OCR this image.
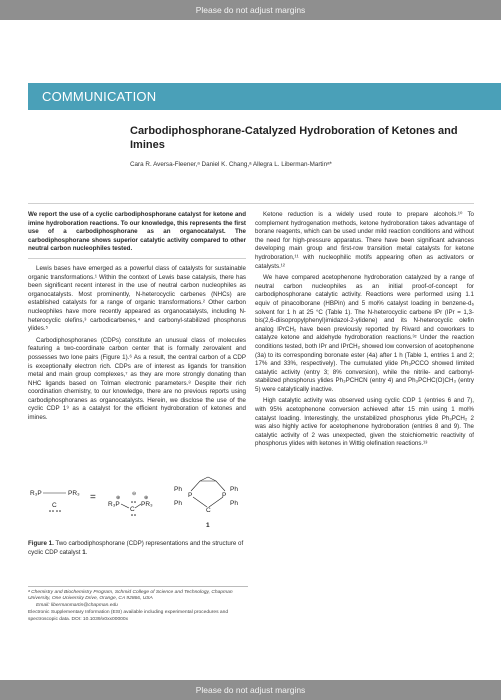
Please do not adjust margins
COMMUNICATION
Carbodiphosphorane-Catalyzed Hydroboration of Ketones and Imines
Cara R. Aversa-Fleener,ᵃ Daniel K. Chang,ᵃ Allegra L. Liberman-Martinᵃ*

We report the use of a cyclic carbodiphosphorane catalyst for ketone and imine hydroboration reactions. To our knowledge, this represents the first use of a carbodiphosphorane as an organocatalyst. The carbodiphosphorane shows superior catalytic activity compared to other neutral carbon nucleophiles tested.

Lewis bases have emerged as a powerful class of catalysts for sustainable organic transformations.¹ Within the context of Lewis base catalysis, there has been significant recent interest in the use of neutral carbon nucleophiles as organocatalysts. Most prominently, N-heterocyclic carbenes (NHCs) are established catalysts for a range of organic transformations.² Other carbon nucleophiles have more recently appeared as organocatalysts, including N-heterocyclic olefins,³ carbodicarbenes,⁴ and carbonyl-stabilized phosphorus ylides.⁵

Carbodiphosphoranes (CDPs) constitute an unusual class of molecules featuring a two-coordinate carbon center that is formally zerovalent and possesses two lone pairs (Figure 1).⁶ As a result, the central carbon of a CDP is exceptionally electron rich. CDPs are of interest as ligands for transition metal and main group complexes,⁷ as they are more strongly donating than NHC ligands based on Tolman electronic parameters.⁸ Despite their rich coordination chemistry, to our knowledge, there are no previous reports using carbodiphosphoranes as organocatalysts. Herein, we disclose the use of the cyclic CDP 1⁹ as a catalyst for the efficient hydroboration of ketones and imines.

R₃P	PR₃
C
=
R₃P	PR₃
⊕	⊕
⊖
C
P	P
C
Ph
Ph
Ph
Ph
1
Figure 1. Two carbodiphosphorane (CDP) representations and the structure of cyclic CDP catalyst 1.
ᵃ Chemistry and Biochemistry Program, Schmid College of Science and Technology, Chapman University, One University Drive, Orange, CA 92866, USA
Email: libermanmartin@chapman.edu
Electronic Supplementary Information (ESI) available including experimental procedures and spectroscopic data. DOI: 10.1039/x0xx00000x

Ketone reduction is a widely used route to prepare alcohols.¹⁰ To complement hydrogenation methods, ketone hydroboration takes advantage of borane reagents, which can be used under mild reaction conditions and without the need for high-pressure apparatus. There have been significant advances developing main group and first-row transition metal catalysts for ketone hydroboration,¹¹ with nucleophilic motifs appearing often as activators or catalysts.¹²

We have compared acetophenone hydroboration catalyzed by a range of neutral carbon nucleophiles as an initial proof-of-concept for carbodiphosphorane catalytic activity. Reactions were performed using 1.1 equiv of pinacolborane (HBPin) and 5 mol% catalyst loading in benzene-d₆ solvent for 1 h at 25 °C (Table 1). The N-heterocyclic carbene IPr (IPr = 1,3-bis(2,6-diisopropylphenyl)imidazol-2-ylidene) and its N-heterocyclic olefin analog IPrCH₂ have been previously reported by Rivard and coworkers to catalyze ketone and aldehyde hydroboration reactions.³ᶜ Under the reaction conditions tested, both IPr and IPrCH₂ showed low conversion of acetophenone (3a) to its corresponding boronate ester (4a) after 1 h (Table 1, entries 1 and 2; 17% and 33%, respectively). The cumulated ylide Ph₃PCCO showed limited catalytic activity (entry 3; 8% conversion), while the nitrile- and carbonyl-stabilized phosphorus ylides Ph₃PCHCN (entry 4) and Ph₃PCHC(O)CH₃ (entry 5) were catalytically inactive.

High catalytic activity was observed using cyclic CDP 1 (entries 6 and 7), with 95% acetophenone conversion achieved after 15 min using 1 mol% catalyst loading. Interestingly, the unstabilized phosphorus ylide Ph₃PCH₂ 2 was also highly active for acetophenone hydroboration (entries 8 and 9). The catalytic activity of 2 was unexpected, given the stoichiometric reactivity of phosphorus ylides with ketones in Wittig olefination reactions.¹³

Please do not adjust margins
